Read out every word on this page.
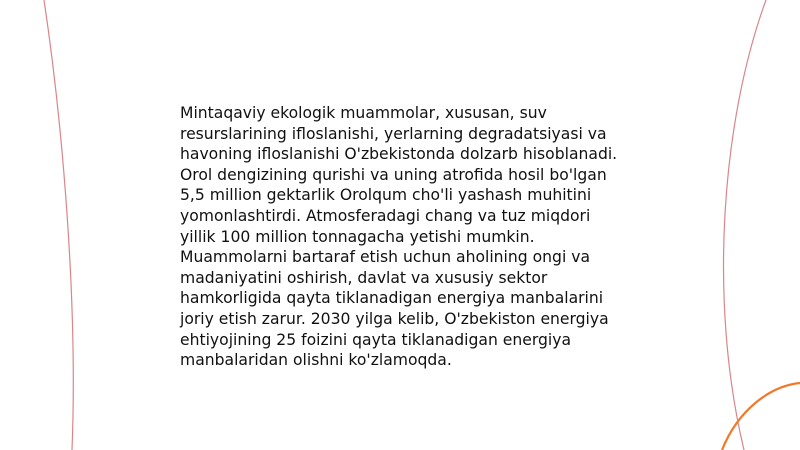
Mintaqaviy ekologik muammolar, xususan, suv resurslarining ifloslanishi, yerlarning degradatsiyasi va havoning ifloslanishi O'zbekistonda dolzarb hisoblanadi. Orol dengizining qurishi va uning atrofida hosil bo'lgan 5,5 million gektarlik Orolqum cho'li yashash muhitini yomonlashtirdi. Atmosferadagi chang va tuz miqdori yillik 100 million tonnagacha yetishi mumkin. Muammolarni bartaraf etish uchun aholining ongi va madaniyatini oshirish, davlat va xususiy sektor hamkorligida qayta tiklanadigan energiya manbalarini joriy etish zarur. 2030 yilga kelib, O'zbekiston energiya ehtiyojining 25 foizini qayta tiklanadigan energiya manbalaridan olishni ko'zlamoqda.
